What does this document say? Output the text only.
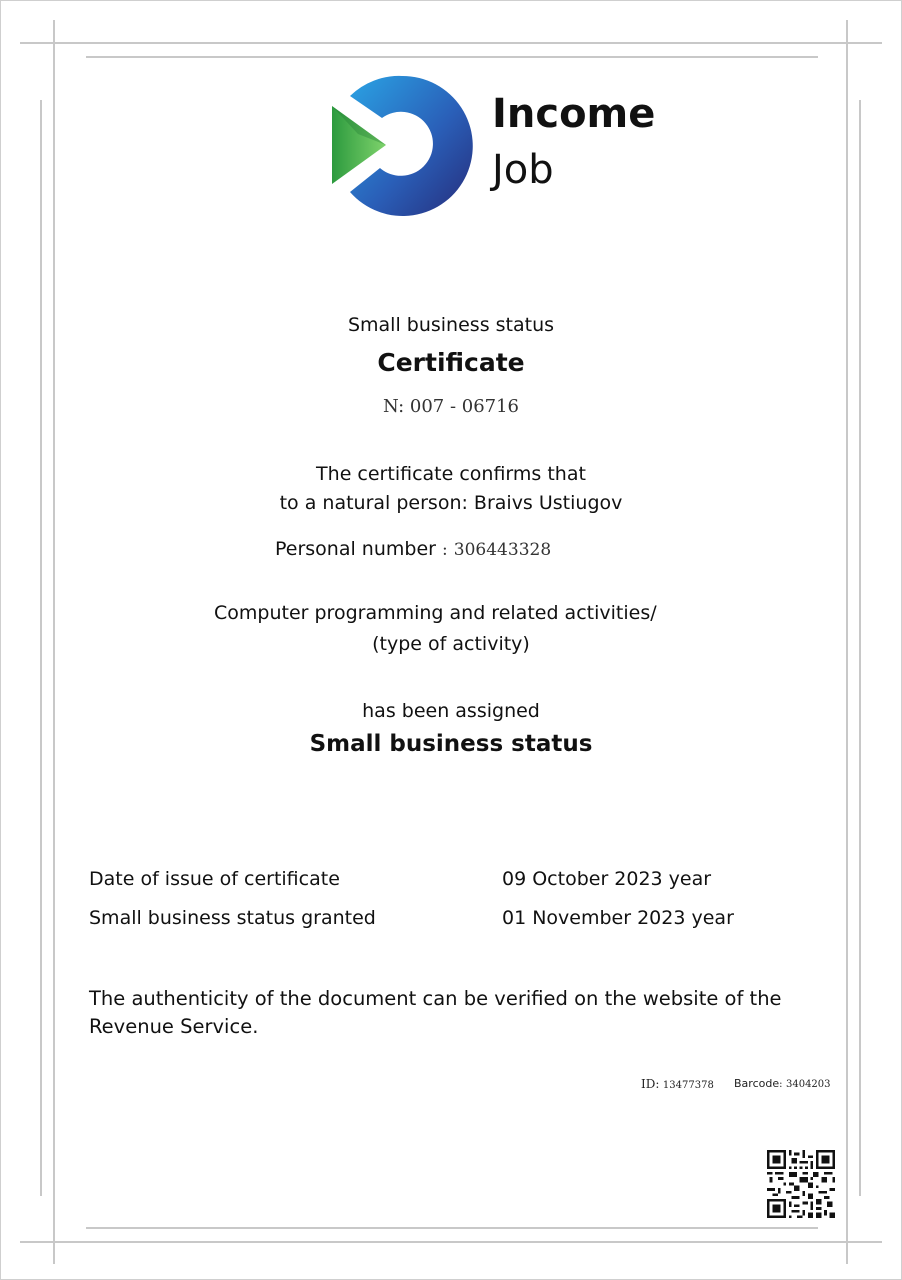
Income
Job
Small business status
Certificate
N: 007 - 06716
The certificate confirms that
to a natural person: Braivs Ustiugov
Personal number : 306443328
Computer programming and related activities/
(type of activity)
has been assigned
Small business status
Date of issue of certificate	09 October 2023 year
Small business status granted	01 November 2023 year
The authenticity of the document can be verified on the website of the Revenue Service.
ID: 13477378 Barcode: 3404203
